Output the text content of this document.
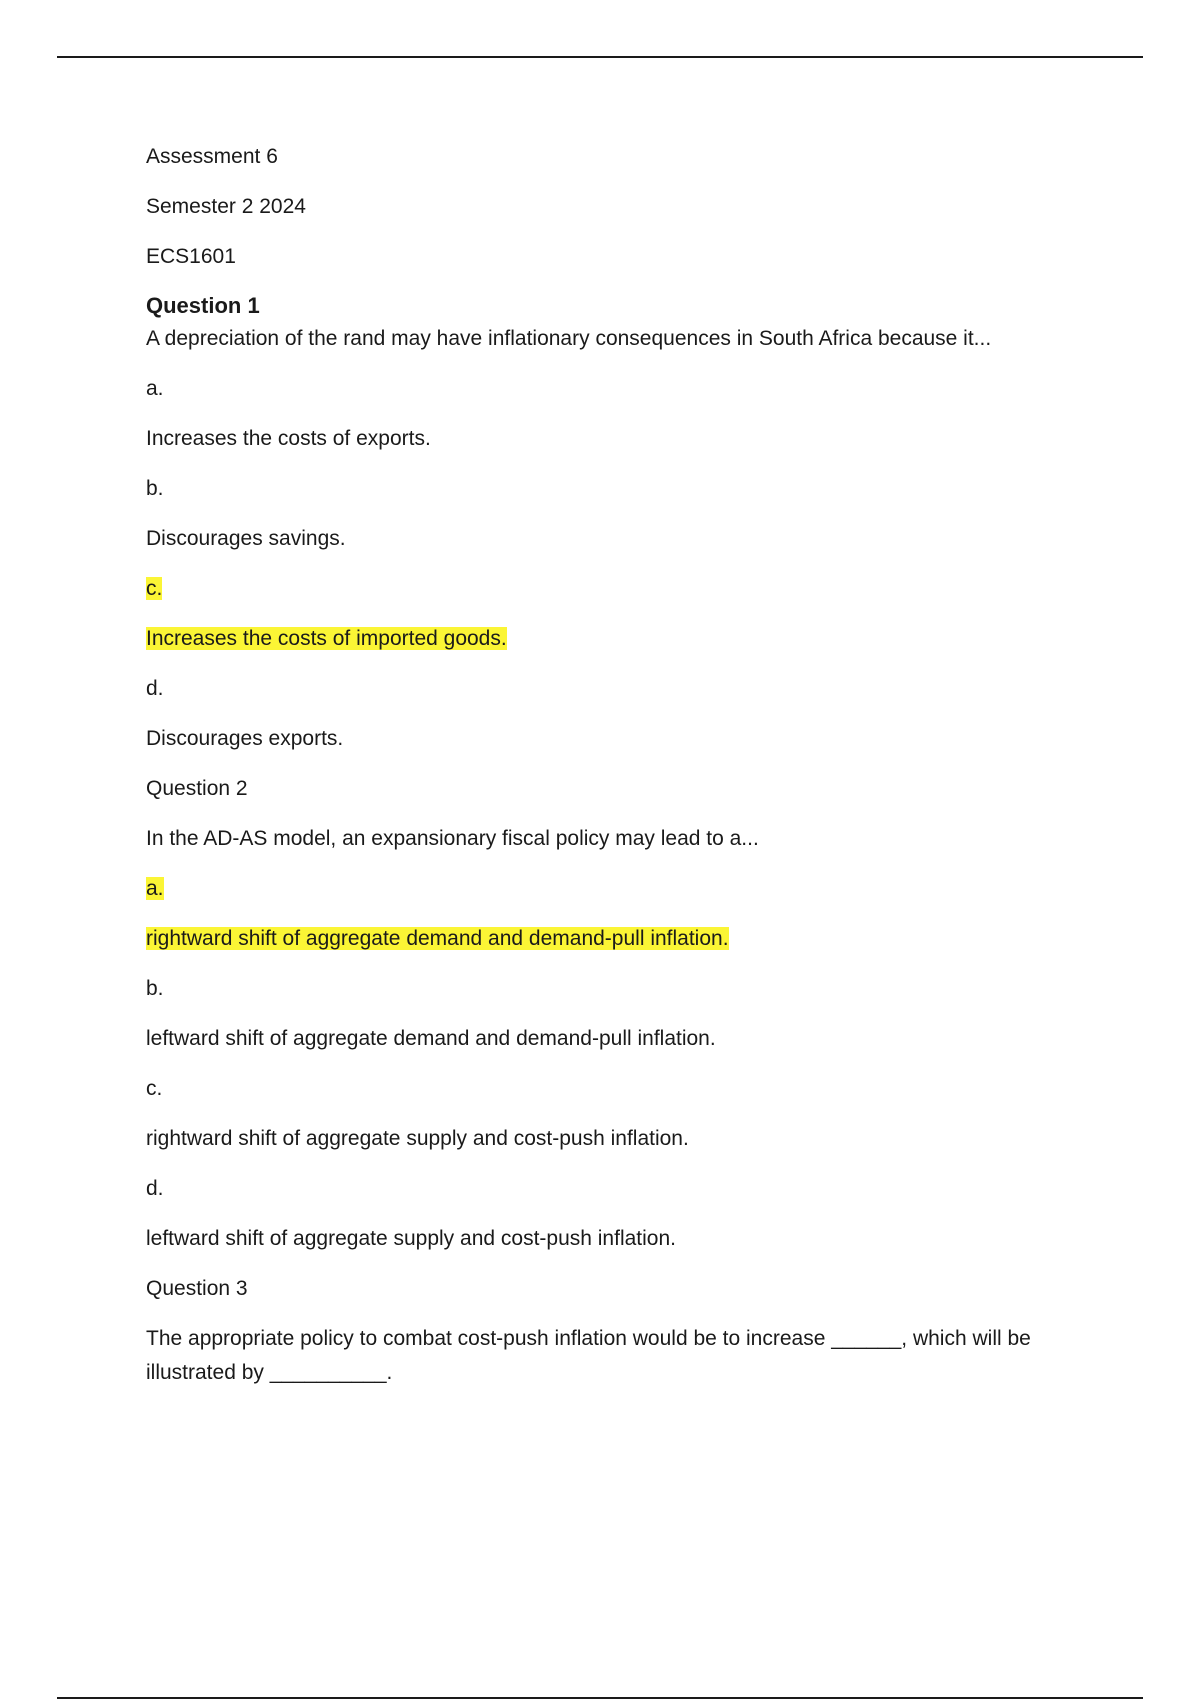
Assessment 6

Semester 2 2024

ECS1601

Question 1

A depreciation of the rand may have inflationary consequences in South Africa because it...

a.

Increases the costs of exports.

b.

Discourages savings.

c.

Increases the costs of imported goods.

d.

Discourages exports.

Question 2

In the AD-AS model, an expansionary fiscal policy may lead to a...

a.

rightward shift of aggregate demand and demand-pull inflation.

b.

leftward shift of aggregate demand and demand-pull inflation.

c.

rightward shift of aggregate supply and cost-push inflation.

d.

leftward shift of aggregate supply and cost-push inflation.

Question 3

The appropriate policy to combat cost-push inflation would be to increase ______, which will be illustrated by __________.
